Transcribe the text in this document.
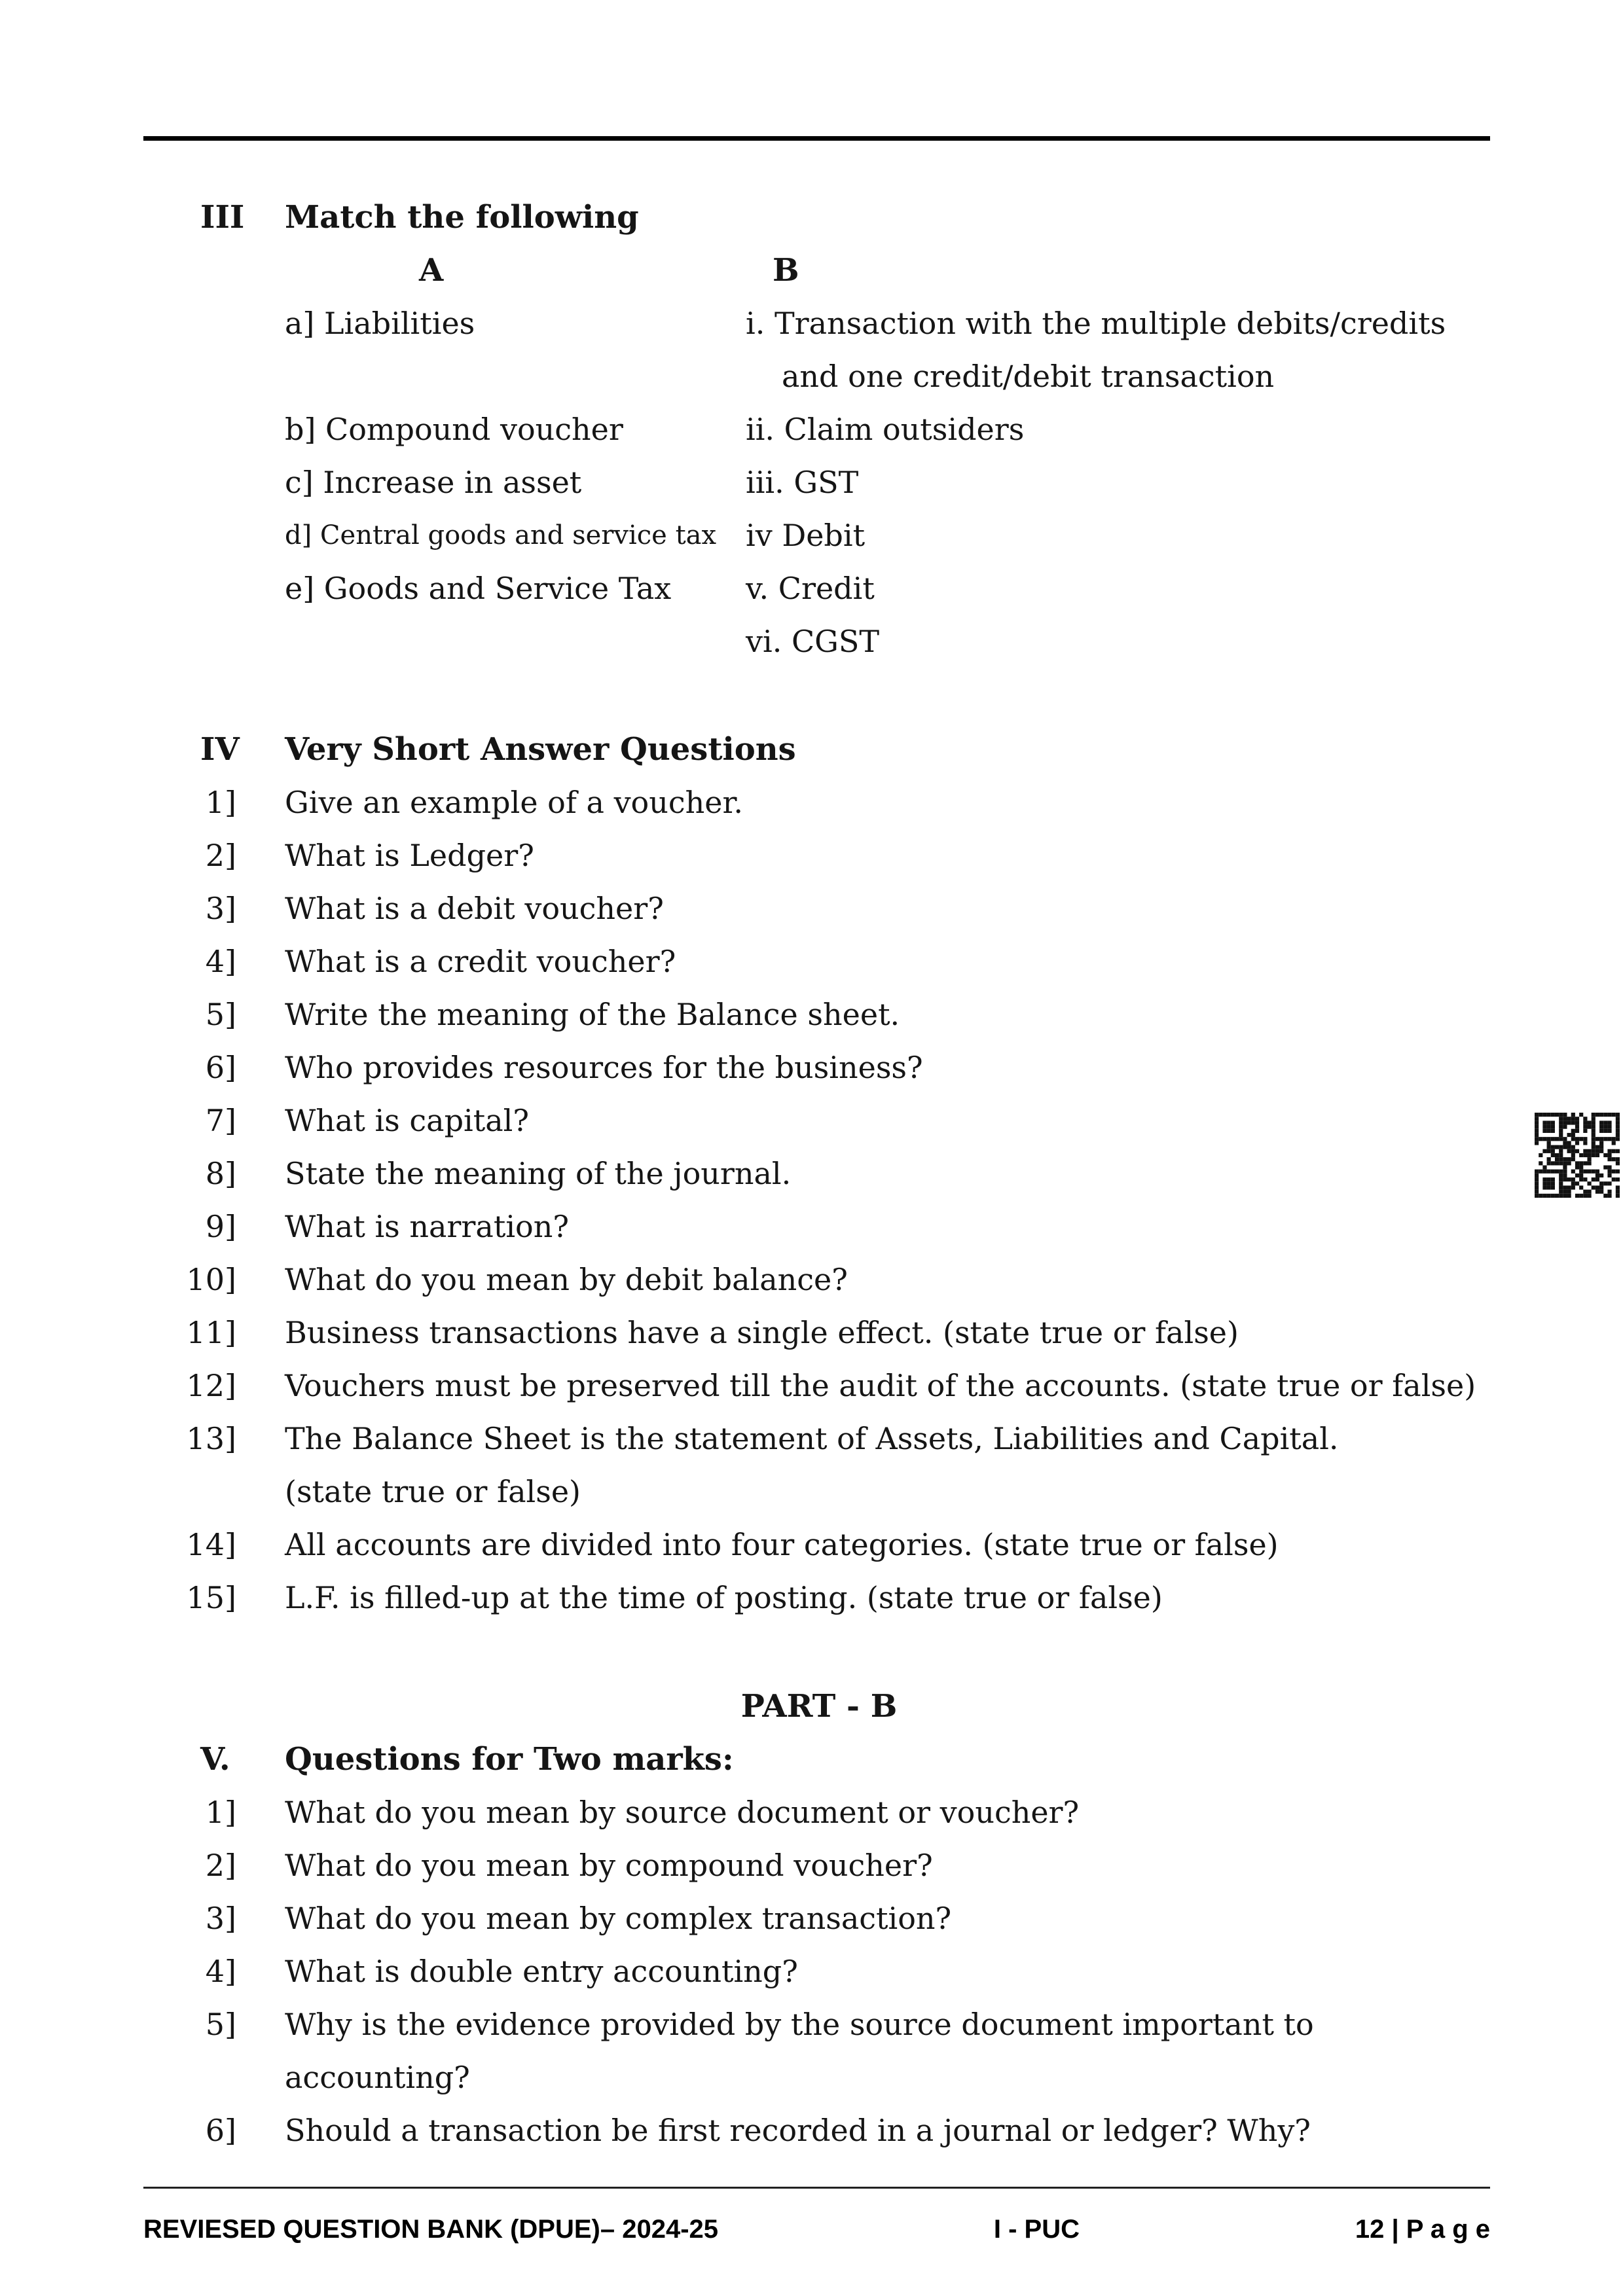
III	Match the following
A	B
a] Liabilities	i. Transaction with the multiple debits/credits
and one credit/debit transaction
b] Compound voucher	ii. Claim outsiders
c] Increase in asset	iii. GST
d] Central goods and service tax iv Debit
e] Goods and Service Tax	v. Credit
vi. CGST
IV	Very Short Answer Questions
1]	Give an example of a voucher.
2]	What is Ledger?
3]	What is a debit voucher?
4]	What is a credit voucher?
5]	Write the meaning of the Balance sheet.
6]	Who provides resources for the business?
7]	What is capital?
8]	State the meaning of the journal.
9]	What is narration?
10]	What do you mean by debit balance?
11]	Business transactions have a single effect. (state true or false)
12]	Vouchers must be preserved till the audit of the accounts. (state true or false)
13]	The Balance Sheet is the statement of Assets, Liabilities and Capital.
(state true or false)
14]	All accounts are divided into four categories. (state true or false)
15]	L.F. is filled-up at the time of posting. (state true or false)
PART - B
V.	Questions for Two marks:
1]	What do you mean by source document or voucher?
2]	What do you mean by compound voucher?
3]	What do you mean by complex transaction?
4]	What is double entry accounting?
5]	Why is the evidence provided by the source document important to accounting?
6]	Should a transaction be first recorded in a journal or ledger? Why?
REVIESED QUESTION BANK (DPUE)– 2024-25	I - PUC	12 | P a g e
